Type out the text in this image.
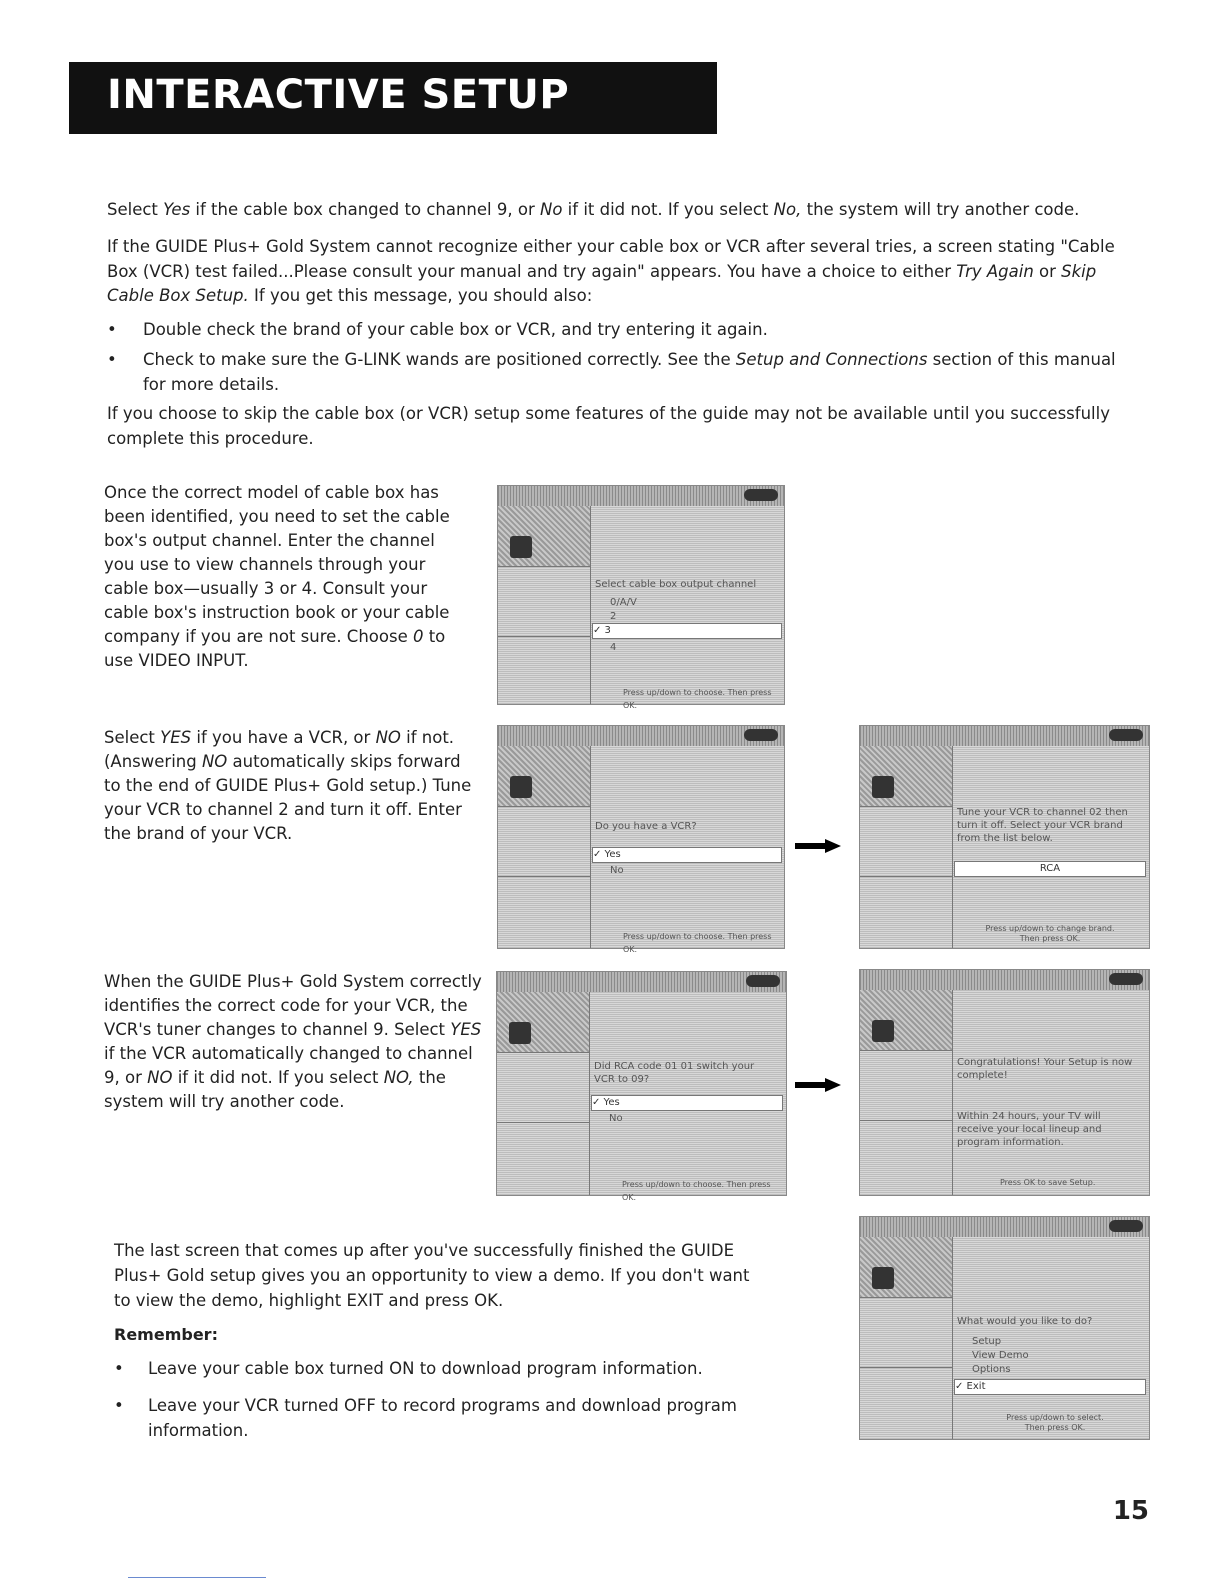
INTERACTIVE SETUP

Select Yes if the cable box changed to channel 9, or No if it did not. If you select No, the system will try another code.

If the GUIDE Plus+ Gold System cannot recognize either your cable box or VCR after several tries, a screen stating "Cable Box (VCR) test failed...Please consult your manual and try again" appears. You have a choice to either Try Again or Skip Cable Box Setup. If you get this message, you should also:

• Double check the brand of your cable box or VCR, and try entering it again.
• Check to make sure the G-LINK wands are positioned correctly. See the Setup and Connections section of this manual for more details.

If you choose to skip the cable box (or VCR) setup some features of the guide may not be available until you successfully complete this procedure.

Once the correct model of cable box has been identified, you need to set the cable box's output channel. Enter the channel you use to view channels through your cable box—usually 3 or 4. Consult your cable box's instruction book or your cable company if you are not sure. Choose 0 to use VIDEO INPUT.
Select cable box output channel
0/A/V
2
✓ 3
4
Press up/down to choose. Then press OK.
Select YES if you have a VCR, or NO if not. (Answering NO automatically skips forward to the end of GUIDE Plus+ Gold setup.) Tune your VCR to channel 2 and turn it off. Enter the brand of your VCR.	Do you have a VCR?
✓ Yes
No
Press up/down to choose. Then press OK.
Tune your VCR to channel 02 then turn it off. Select your VCR brand from the list below.
RCA
Press up/down to change brand. Then press OK.
When the GUIDE Plus+ Gold System correctly identifies the correct code for your VCR, the VCR's tuner changes to channel 9. Select YES if the VCR automatically changed to channel 9, or NO if it did not. If you select NO, the system will try another code.
Did RCA code 01 01 switch your VCR to 09?
✓ Yes
No
Press up/down to choose. Then press OK.
Congratulations! Your Setup is now complete!
Within 24 hours, your TV will receive your local lineup and program information.
Press OK to save Setup.

The last screen that comes up after you've successfully finished the GUIDE Plus+ Gold setup gives you an opportunity to view a demo. If you don't want to view the demo, highlight EXIT and press OK.

Remember:
• Leave your cable box turned ON to download program information.
• Leave your VCR turned OFF to record programs and download program information.
What would you like to do?
Setup
View Demo
Options
✓ Exit
Press up/down to select. Then press OK.
15
